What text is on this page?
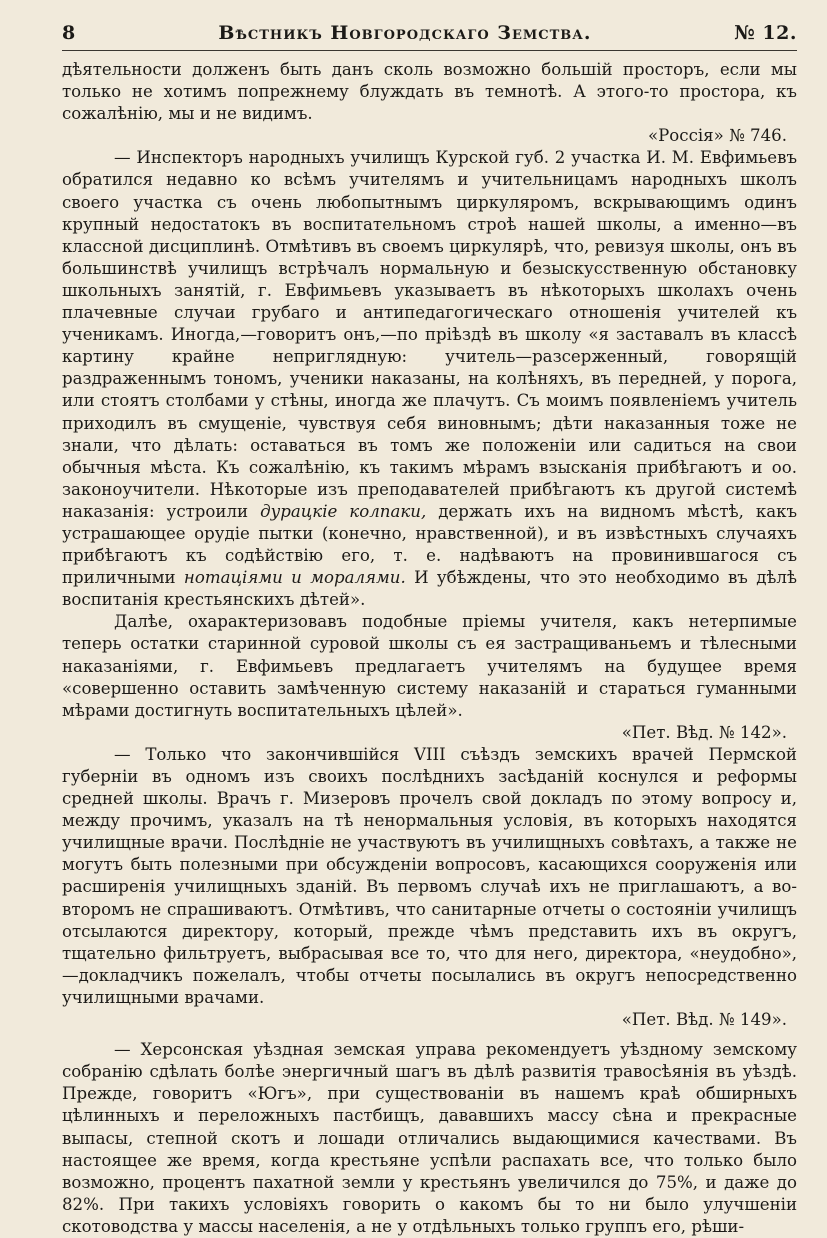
8	Вѣстникъ Новгородскаго Земства.	№ 12.

дѣятельности долженъ быть данъ сколь возможно большій просторъ, если мы только не хотимъ попрежнему блуждать въ темнотѣ. А этого-то простора, къ сожалѣнію, мы и не видимъ.

«Россія» № 746.

— Инспекторъ народныхъ училищъ Курской губ. 2 участка И. М. Евфимьевъ обратился недавно ко всѣмъ учителямъ и учительницамъ народныхъ школъ своего участка съ очень любопытнымъ циркуляромъ, вскрывающимъ одинъ крупный недостатокъ въ воспитательномъ строѣ нашей школы, а именно—въ классной дисциплинѣ. Отмѣтивъ въ своемъ циркулярѣ, что, ревизуя школы, онъ въ большинствѣ училищъ встрѣчалъ нормальную и безыскусственную обстановку школьныхъ занятій, г. Евфимьевъ указываетъ въ нѣкоторыхъ школахъ очень плачевные случаи грубаго и антипедагогическаго отношенія учителей къ ученикамъ. Иногда,—говоритъ онъ,—по пріѣздѣ въ школу «я заставалъ въ классѣ картину крайне неприглядную: учитель—разсерженный, говорящій раздраженнымъ тономъ, ученики наказаны, на колѣняхъ, въ передней, у порога, или стоятъ столбами у стѣны, иногда же плачутъ. Съ моимъ появленіемъ учитель приходилъ въ смущеніе, чувствуя себя виновнымъ; дѣти наказанныя тоже не знали, что дѣлать: оставаться въ томъ же положеніи или садиться на свои обычныя мѣста. Къ сожалѣнію, къ такимъ мѣрамъ взысканія прибѣгаютъ и оо. законоучители. Нѣкоторые изъ преподавателей прибѣгаютъ къ другой системѣ наказанія: устроили дурацкіе колпаки, держать ихъ на видномъ мѣстѣ, какъ устрашающее орудіе пытки (конечно, нравственной), и въ извѣстныхъ случаяхъ прибѣгаютъ къ содѣйствію его, т. е. надѣваютъ на провинившагося съ приличными нотаціями и моралями. И убѣждены, что это необходимо въ дѣлѣ воспитанія крестьянскихъ дѣтей».

Далѣе, охарактеризовавъ подобные пріемы учителя, какъ нетерпимые теперь остатки старинной суровой школы съ ея застращиваньемъ и тѣлесными наказаніями, г. Евфимьевъ предлагаетъ учителямъ на будущее время «совершенно оставить замѣченную систему наказаній и стараться гуманными мѣрами достигнуть воспитательныхъ цѣлей».

«Пет. Вѣд. № 142».

— Только что закончившійся VIII съѣздъ земскихъ врачей Пермской губерніи въ одномъ изъ своихъ послѣднихъ засѣданій коснулся и реформы средней школы. Врачъ г. Мизеровъ прочелъ свой докладъ по этому вопросу и, между прочимъ, указалъ на тѣ ненормальныя условія, въ которыхъ находятся училищные врачи. Послѣдніе не участвуютъ въ училищныхъ совѣтахъ, а также не могутъ быть полезными при обсужденіи вопросовъ, касающихся сооруженія или расширенія училищныхъ зданій. Въ первомъ случаѣ ихъ не приглашаютъ, а во-второмъ не спрашиваютъ. Отмѣтивъ, что санитарные отчеты о состояніи училищъ отсылаются директору, который, прежде чѣмъ представить ихъ въ округъ, тщательно фильтруетъ, выбрасывая все то, что для него, директора, «неудобно»,—докладчикъ пожелалъ, чтобы отчеты посылались въ округъ непосредственно училищными врачами.

«Пет. Вѣд. № 149».

— Херсонская уѣздная земская управа рекомендуетъ уѣздному земскому собранію сдѣлать болѣе энергичный шагъ въ дѣлѣ развитія травосѣянія въ уѣздѣ. Прежде, говоритъ «Югъ», при существованіи въ нашемъ краѣ обширныхъ цѣлинныхъ и переложныхъ пастбищъ, дававшихъ массу сѣна и прекрасные выпасы, степной скотъ и лошади отличались выдающимися качествами. Въ настоящее же время, когда крестьяне успѣли распахать все, что только было возможно, процентъ пахатной земли у крестьянъ увеличился до 75%, и даже до 82%. При такихъ условіяхъ говорить о какомъ бы то ни было улучшеніи скотоводства у массы населенія, а не у отдѣльныхъ только группъ его, рѣши-
